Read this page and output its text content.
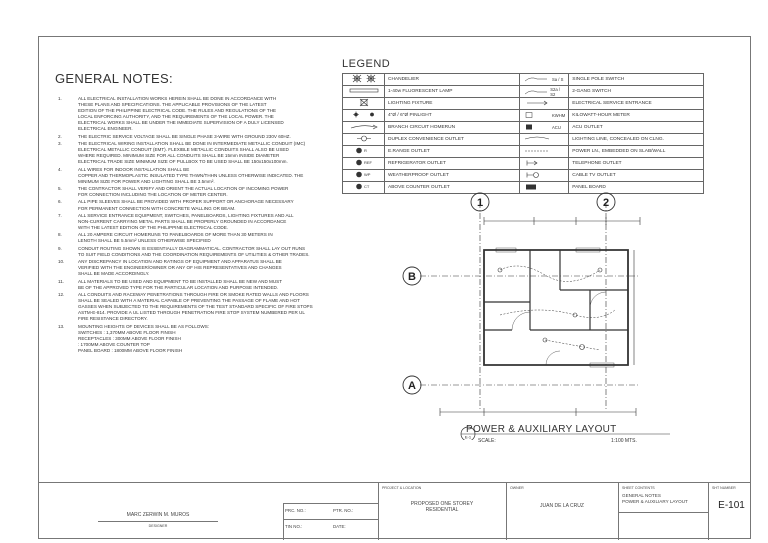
GENERAL NOTES:
1.	ALL ELECTRICAL INSTALLATION WORKS HEREIN SHALL BE DONE IN ACCORDANCE WITH
THESE PLANS AND SPECIFICATIONS. THE APPLICABLE PROVISIONS OF THE LATEST
EDITION OF THE PHILIPPINE ELECTRICAL CODE. THE RULES AND REGULATIONS OF THE
LOCAL ENFORCING AUTHORITY, AND THE REQUIREMENTS OF THE LOCAL POWER. THE
ELECTRICAL WORKS SHALL BE UNDER THE IMMEDIATE SUPERVISION OF A DULY LICENSED
ELECTRICAL ENGINEER.
2.	THE ELECTRIC SERVICE VOLTAGE SHALL BE SINGLE PHASE 3-WIRE WITH GROUND 230V 60HZ.
3.	THE ELECTRICAL WIRING INSTALLATION SHALL BE DONE IN INTERMEDIATE METALLIC CONDUIT (IMC)
ELECTRICAL METALLIC CONDUIT (EMT). FLEXIBLE METALLIC CONDUITS SHALL ALSO BE USED
WHERE REQUIRED. MINIMUM SIZE FOR ALL CONDUITS SHALL BE 15mm INSIDE DIAMETER
ELECTRICAL TRADE SIZE MINIMUM SIZE OF PULLBOX TO BE USED SHALL BE 150x150x100mm.
4.	ALL WIRES FOR INDOOR INSTALLATION SHALL BE
COPPER AND THERMOPLASTIC INSULATED TYPE THWN/THHN UNLESS OTHERWISE INDICATED. THE
MINIMUM SIZE FOR POWER AND LIGHTING SHALL BE 3.5mm².
5.	THE CONTRACTOR SHALL VERIFY AND ORIENT THE ACTUAL LOCATION OF INCOMING POWER
FOR CONNECTION INCLUDING THE LOCATION OF METER CENTER.
6.	ALL PIPE SLEEVES SHALL BE PROVIDED WITH PROPER SUPPORT OR ANCHORAGE NECESSARY
FOR PERMANENT CONNECTION WITH CONCRETE WALLING OR BEAM.
7.	ALL SERVICE ENTRANCE EQUIPMENT, SWITCHES, PANELBOARDS, LIGHTING FIXTURES AND ALL
NON-CURRENT CARRYING METAL PARTS SHALL BE PROPERLY GROUNDED IN ACCORDANCE
WITH THE LATEST EDITION OF THE PHILIPPINE ELECTRICAL CODE.
8.	ALL 20 AMPERE CIRCUIT HOMERUNS TO PANELBOARDS OF MORE THAN 30 METERS IN
LENGTH SHALL BE 5.5mm² UNLESS OTHERWISE SPECIFIED
9.	CONDUIT ROUTING SHOWN IS ESSENTIALLY DIAGRAMMATICAL. CONTRACTOR SHALL LAY OUT RUNS
TO SUIT FIELD CONDITIONS AND THE COORDINATION REQUIREMENTS OF UTILITIES & OTHER TRADES.
10.	ANY DISCREPANCY IN LOCATION AND RATINGS OF EQUIPMENT AND APPARATUS SHALL BE
VERIFIED WITH THE ENGINEER/OWNER OR ANY OF HIS REPRESENTATIVES AND CHANGES
SHALL BE MADE ACCORDINGLY.
11.	ALL MATERIALS TO BE USED AND EQUIPMENT TO BE INSTALLED SHALL BE NEW AND MUST
BE OF THE APPROVED TYPE FOR THE PARTICULAR LOCATION AND PURPOSE INTENDED.
12.	ALL CONDUITS AND RACEWAY PENETRATIONS THROUGH FIRE OR SMOKE RATED WALLS AND FLOORS
SHALL BE SEALED WITH A MATERIAL CAPABLE OF PREVENTING THE PASSAGE OF FLAME AND HOT
GASSES WHEN SUBJECTED TO THE REQUIREMENTS OF THE TEST STANDARD SPECIFIC OF FIRE STOPS
ASTM-E-814. PROVIDE A UL LISTED THROUGH PENETRATION FIRE STOP SYSTEM NUMBERED PER UL
FIRE RESISTANCE DIRECTORY.
13.	MOUNTING HEIGHTS OF DEVICES SHALL BE AS FOLLOWS:
SWITCHES : 1,370MM ABOVE FLOOR FINISH
RECEPTACLES : 300MM ABOVE FLOOR FINISH
: 1700MM ABOVE COUNTER TOP
PANEL BOARD : 1800MM ABOVE FLOOR FINISH
LEGEND
	CHANDELIER	Sa / S	SINGLE POLE SWITCH
	1-40w FLUORESCENT LAMP	S2a / S2	2-GANG SWITCH
	LIGHTING FIXTURE		ELECTRICAL SERVICE ENTRANCE
	4"Ø / 6"Ø PINLIGHT	KWHM	KILOWATT-HOUR METER
	BRANCH CIRCUIT HOMERUN	ACU	ACU OUTLET
	DUPLEX CONVENIENCE OUTLET		LIGHTING LINE, CONCEALED ON CLNG.

R	E.RANGE OUTLET		POWER LN., EMBEDDED ON SLAB/WALL

REF	REFRIGERATOR OUTLET		TELEPHONE OUTLET

WP	WEATHERPROOF OUTLET		CABLE TV OUTLET

CT	ABOVE COUNTER OUTLET		PANEL BOARD
1	2
B
A
E-1
POWER & AUXILIARY LAYOUT
SCALE:	1:100 MTS.
MARC ZERWIN M. MUROS
DESIGNER
PRC. NO.:	PTR. NO.:
TIN NO.:	DATE:
PROJECT & LOCATION
PROPOSED ONE STOREY
RESIDENTIAL
OWNER
JUAN DE LA CRUZ
SHEET CONTENTS
GENERAL NOTES
POWER & AUXILIARY LAYOUT
SHT NUMBER
E-101
